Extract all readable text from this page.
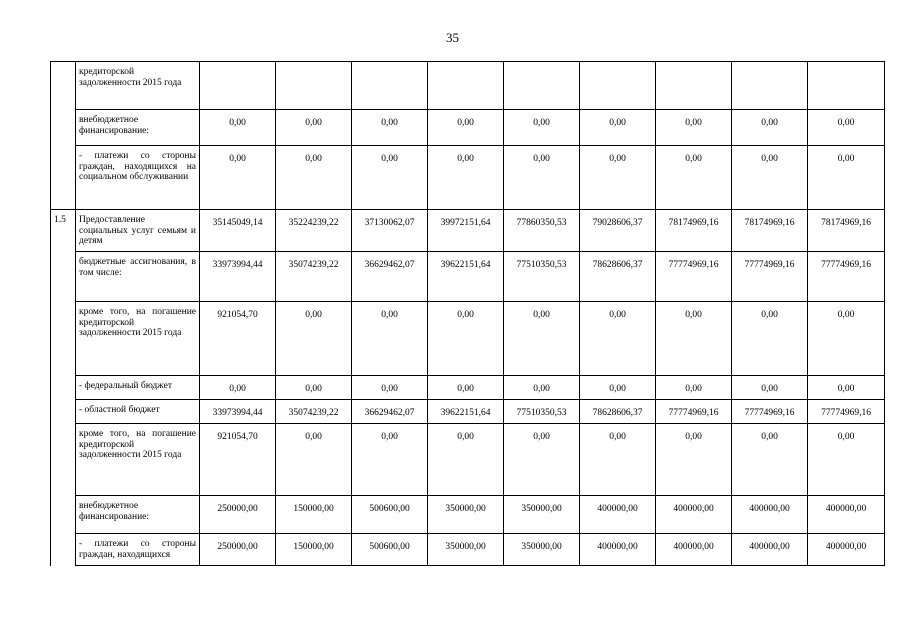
35
	кредиторской задолженности 2015 года									
	внебюджетное финансирование:	0,00	0,00	0,00	0,00	0,00	0,00	0,00	0,00	0,00
	- платежи со стороны граждан, находящихся на социальном обслуживании	0,00	0,00	0,00	0,00	0,00	0,00	0,00	0,00	0,00
1.5	Предоставление социальных услуг семьям и детям	35145049,14	35224239,22	37130062,07	39972151,64	77860350,53	79028606,37	78174969,16	78174969,16	78174969,16
	бюджетные ассигнования, в том числе:	33973994,44	35074239,22	36629462,07	39622151,64	77510350,53	78628606,37	77774969,16	77774969,16	77774969,16
	кроме того, на погашение кредиторской задолженности 2015 года	921054,70	0,00	0,00	0,00	0,00	0,00	0,00	0,00	0,00
	- федеральный бюджет	0,00	0,00	0,00	0,00	0,00	0,00	0,00	0,00	0,00
	- областной бюджет	33973994,44	35074239,22	36629462,07	39622151,64	77510350,53	78628606,37	77774969,16	77774969,16	77774969,16
	кроме того, на погашение кредиторской задолженности 2015 года	921054,70	0,00	0,00	0,00	0,00	0,00	0,00	0,00	0,00
	внебюджетное финансирование:	250000,00	150000,00	500600,00	350000,00	350000,00	400000,00	400000,00	400000,00	400000,00
	- платежи со стороны граждан, находящихся	250000,00	150000,00	500600,00	350000,00	350000,00	400000,00	400000,00	400000,00	400000,00
